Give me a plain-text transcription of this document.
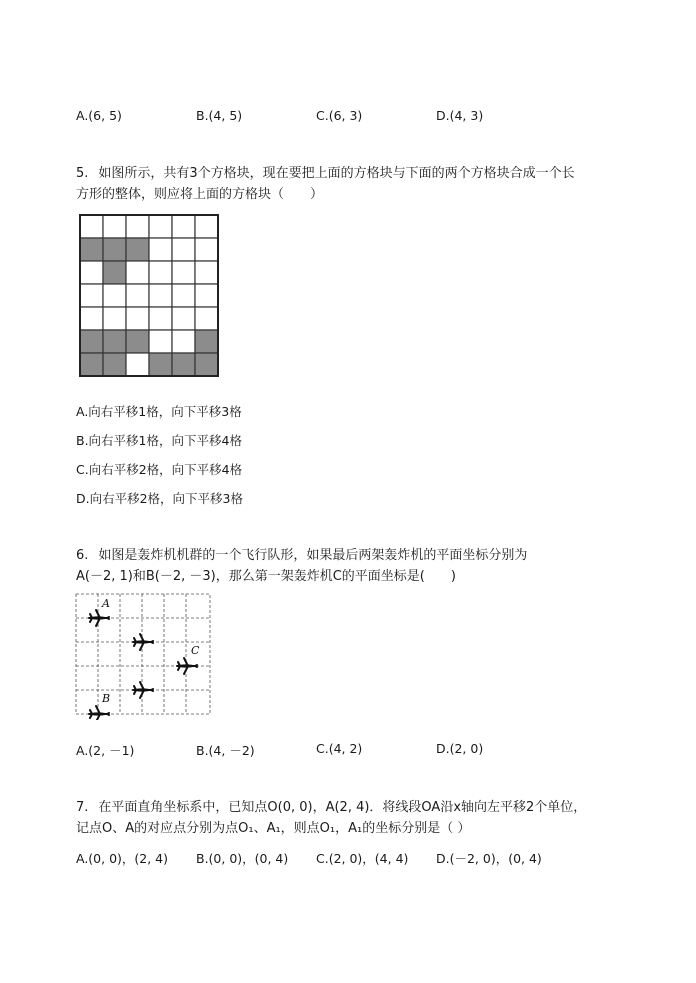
A.(6, 5)	B.(4, 5)	C.(6, 3)	D.(4, 3)
5. 如图所示，共有3个方格块，现在要把上面的方格块与下面的两个方格块合成一个长
方形的整体，则应将上面的方格块（　　）
A.向右平移1格，向下平移3格
B.向右平移1格，向下平移4格
C.向右平移2格，向下平移4格
D.向右平移2格，向下平移3格
6. 如图是轰炸机机群的一个飞行队形，如果最后两架轰炸机的平面坐标分别为
A(－2, 1)和B(－2, －3)，那么第一架轰炸机C的平面坐标是(　　)
A
B
C
A.(2, －1)	B.(4, －2)	C.(4, 2)	D.(2, 0)
7. 在平面直角坐标系中，已知点O(0, 0)，A(2, 4)．将线段OA沿x轴向左平移2个单位，
记点O、A的对应点分别为点O₁、A₁，则点O₁，A₁的坐标分别是（ ）
A.(0, 0)，(2, 4) B.(0, 0)，(0, 4) C.(2, 0)，(4, 4) D.(－2, 0)，(0, 4)
